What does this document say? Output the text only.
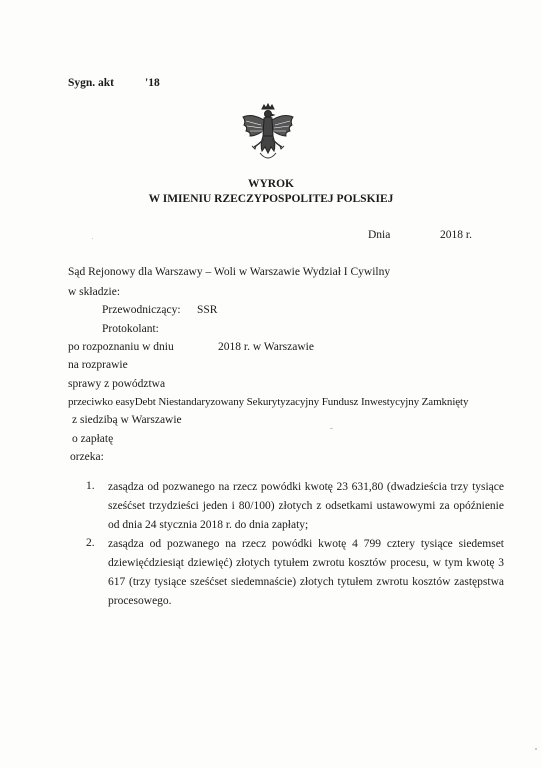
Sygn. akt	'18
WYROK
W IMIENIU RZECZYPOSPOLITEJ POLSKIEJ
Dnia	2018 r.
Sąd Rejonowy dla Warszawy – Woli w Warszawie Wydział I Cywilny
w składzie:
Przewodniczący: SSR
Protokolant:
po rozpoznaniu w dniu	2018 r. w Warszawie
na rozprawie
sprawy z powództwa
przeciwko easyDebt Niestandaryzowany Sekurytyzacyjny Fundusz Inwestycyjny Zamknięty
z siedzibą w Warszawie
o zapłatę
orzeka:
1. zasądza od pozwanego na rzecz powódki kwotę 23 631,80 (dwadzieścia trzy tysiące sześćset trzydzieści jeden i 80/100) złotych z odsetkami ustawowymi za opóźnienie od dnia 24 stycznia 2018 r. do dnia zapłaty;
2. zasądza od pozwanego na rzecz powódki kwotę 4 799 cztery tysiące siedemset dziewięćdziesiąt dziewięć) złotych tytułem zwrotu kosztów procesu, w tym kwotę 3 617 (trzy tysiące sześćset siedemnaście) złotych tytułem zwrotu kosztów zastępstwa procesowego.
